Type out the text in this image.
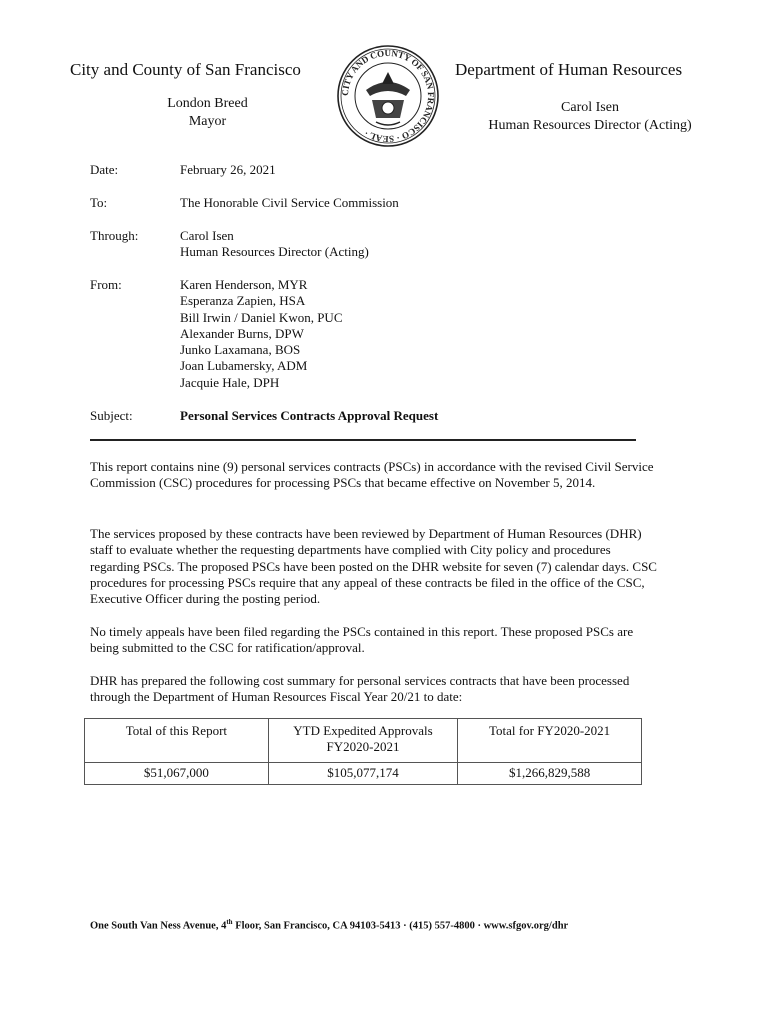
City and County of San Francisco	Department of Human Resources
London Breed
Mayor
Carol Isen
Human Resources Director (Acting)
CITY AND COUNTY OF SAN FRANCISCO · SEAL ·
Date:	February 26, 2021
To:	The Honorable Civil Service Commission
Through:	Carol Isen
Human Resources Director (Acting)
From:	Karen Henderson, MYR
Esperanza Zapien, HSA
Bill Irwin / Daniel Kwon, PUC
Alexander Burns, DPW
Junko Laxamana, BOS
Joan Lubamersky, ADM
Jacquie Hale, DPH
Subject:	Personal Services Contracts Approval Request

This report contains nine (9) personal services contracts (PSCs) in accordance with the revised Civil Service Commission (CSC) procedures for processing PSCs that became effective on November 5, 2014.

The services proposed by these contracts have been reviewed by Department of Human Resources (DHR) staff to evaluate whether the requesting departments have complied with City policy and procedures regarding PSCs. The proposed PSCs have been posted on the DHR website for seven (7) calendar days. CSC procedures for processing PSCs require that any appeal of these contracts be filed in the office of the CSC, Executive Officer during the posting period.

No timely appeals have been filed regarding the PSCs contained in this report. These proposed PSCs are being submitted to the CSC for ratification/approval.

DHR has prepared the following cost summary for personal services contracts that have been processed through the Department of Human Resources Fiscal Year 20/21 to date:

Total of this Report	YTD Expedited Approvals FY2020-2021	Total for FY2020-2021
$51,067,000	$105,077,174	$1,266,829,588
One South Van Ness Avenue, 4th Floor, San Francisco, CA 94103-5413 · (415) 557-4800 · www.sfgov.org/dhr
